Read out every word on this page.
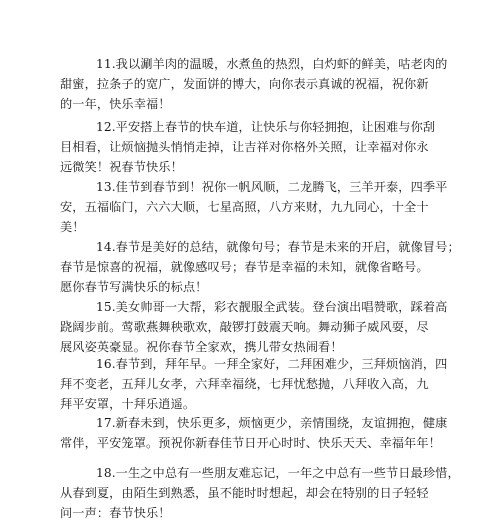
11.我以涮羊肉的温暖，水煮鱼的热烈，白灼虾的鲜美，咕老肉的
甜蜜，拉条子的宽广，发面饼的博大，向你表示真诚的祝福，祝你新
的一年，快乐幸福！
12.平安搭上春节的快车道，让快乐与你轻拥抱，让困难与你刮
目相看，让烦恼抛头悄悄走掉，让吉祥对你格外关照，让幸福对你永
远微笑！祝春节快乐！
13.佳节到春节到！祝你一帆风顺，二龙腾飞，三羊开泰，四季平
安，五福临门，六六大顺，七星高照，八方来财，九九同心，十全十
美！
14.春节是美好的总结，就像句号；春节是未来的开启，就像冒号；
春节是惊喜的祝福，就像感叹号；春节是幸福的未知，就像省略号。
愿你春节写满快乐的标点！
15.美女帅哥一大帮，彩衣靓服全武装。登台演出唱赞歌，踩着高
跷阔步前。莺歌燕舞秧歌欢，敲锣打鼓震天响。舞动狮子威风耍，尽
展风姿英豪显。祝你春节全家欢，携儿带女热闹看！
16.春节到，拜年早。一拜全家好，二拜困难少，三拜烦恼消，四
拜不变老，五拜儿女孝，六拜幸福绕，七拜忧愁抛，八拜收入高，九
拜平安罩，十拜乐逍遥。
17.新春未到，快乐更多，烦恼更少，亲情围绕，友谊拥抱，健康
常伴，平安笼罩。预祝你新春佳节日开心时时、快乐天天、幸福年年！
18.一生之中总有一些朋友难忘记，一年之中总有一些节日最珍惜，
从春到夏，由陌生到熟悉，虽不能时时想起，却会在特别的日子轻轻
问一声：春节快乐！
